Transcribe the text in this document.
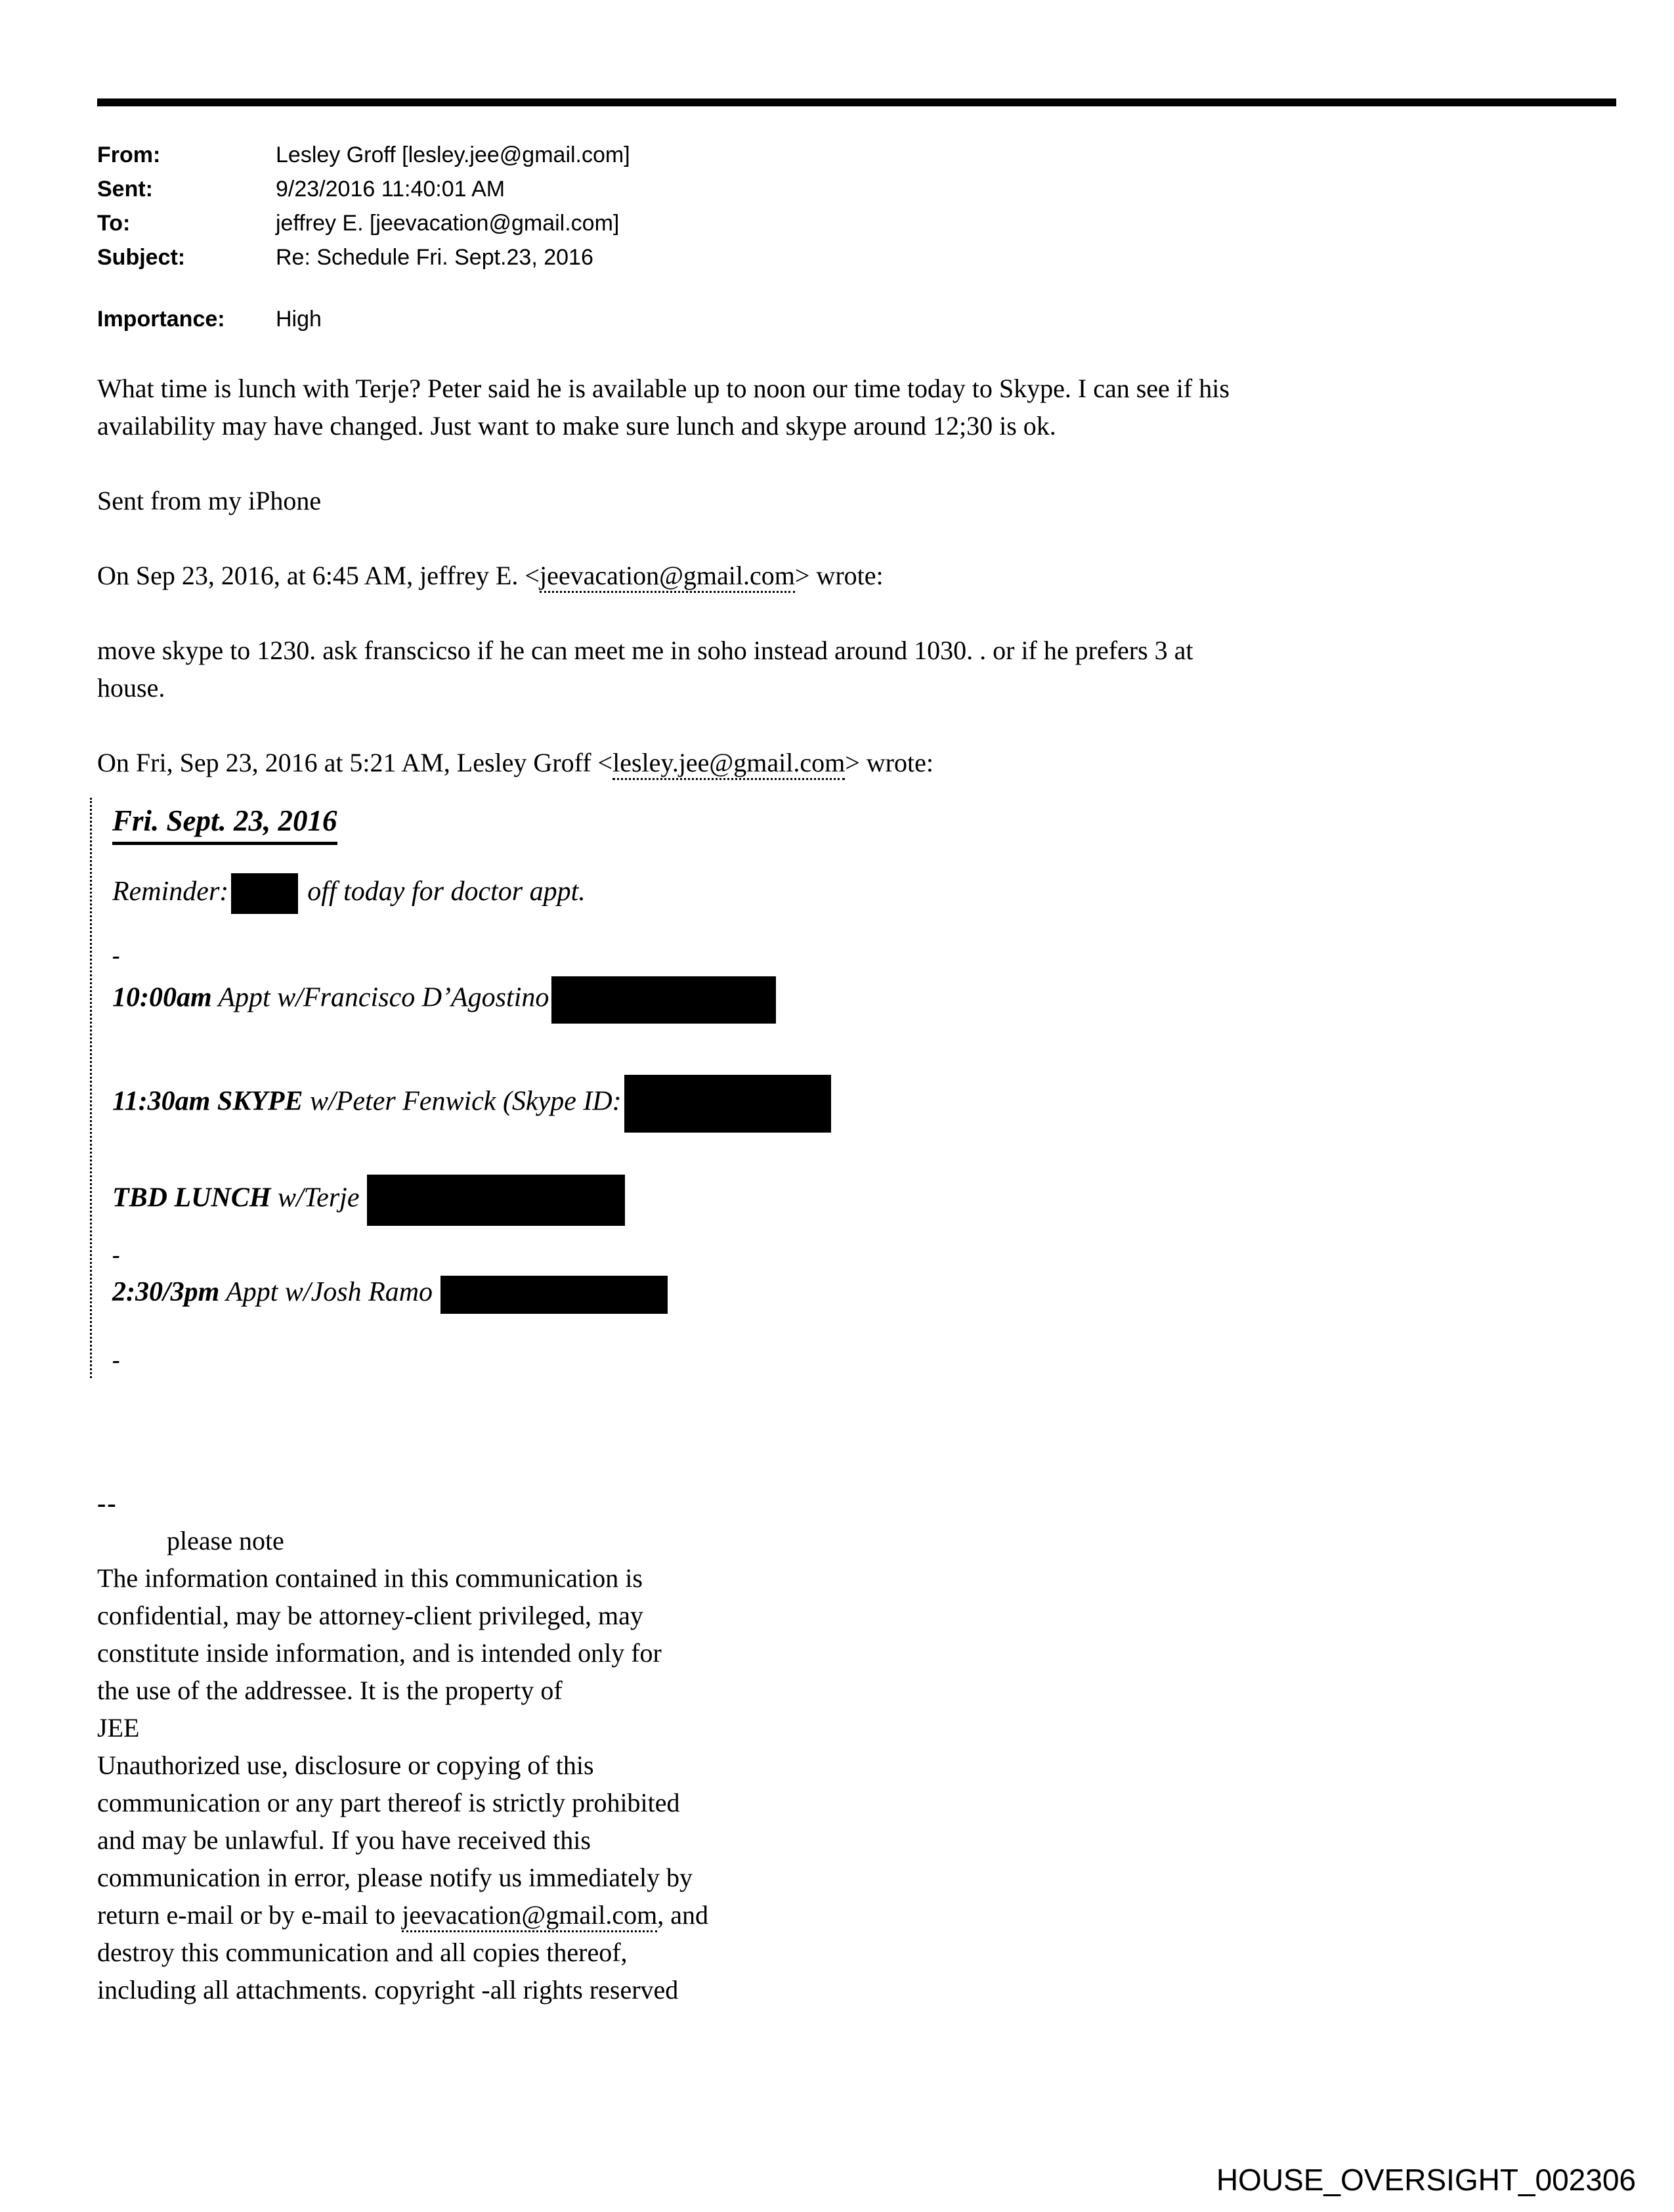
From:	Lesley Groff [lesley.jee@gmail.com]
Sent:	9/23/2016 11:40:01 AM
To:	jeffrey E. [jeevacation@gmail.com]
Subject:	Re: Schedule Fri. Sept.23, 2016
Importance:	High
What time is lunch with Terje? Peter said he is available up to noon our time today to Skype. I can see if his
availability may have changed. Just want to make sure lunch and skype around 12;30 is ok.
Sent from my iPhone
On Sep 23, 2016, at 6:45 AM, jeffrey E. <jeevacation@gmail.com> wrote:
move skype to 1230. ask franscicso if he can meet me in soho instead around 1030. . or if he prefers 3 at
house.
On Fri, Sep 23, 2016 at 5:21 AM, Lesley Groff <lesley.jee@gmail.com> wrote:
Fri. Sept. 23, 2016
Reminder:	off today for doctor appt.
-
10:00am Appt w/Francisco D’Agostino
11:30am SKYPE w/Peter Fenwick (Skype ID:
TBD LUNCH w/Terje
-
2:30/3pm Appt w/Josh Ramo
-
--
please note
The information contained in this communication is
confidential, may be attorney-client privileged, may
constitute inside information, and is intended only for
the use of the addressee. It is the property of
JEE
Unauthorized use, disclosure or copying of this
communication or any part thereof is strictly prohibited
and may be unlawful. If you have received this
communication in error, please notify us immediately by
return e-mail or by e-mail to jeevacation@gmail.com, and
destroy this communication and all copies thereof,
including all attachments. copyright -all rights reserved
HOUSE_OVERSIGHT_002306
